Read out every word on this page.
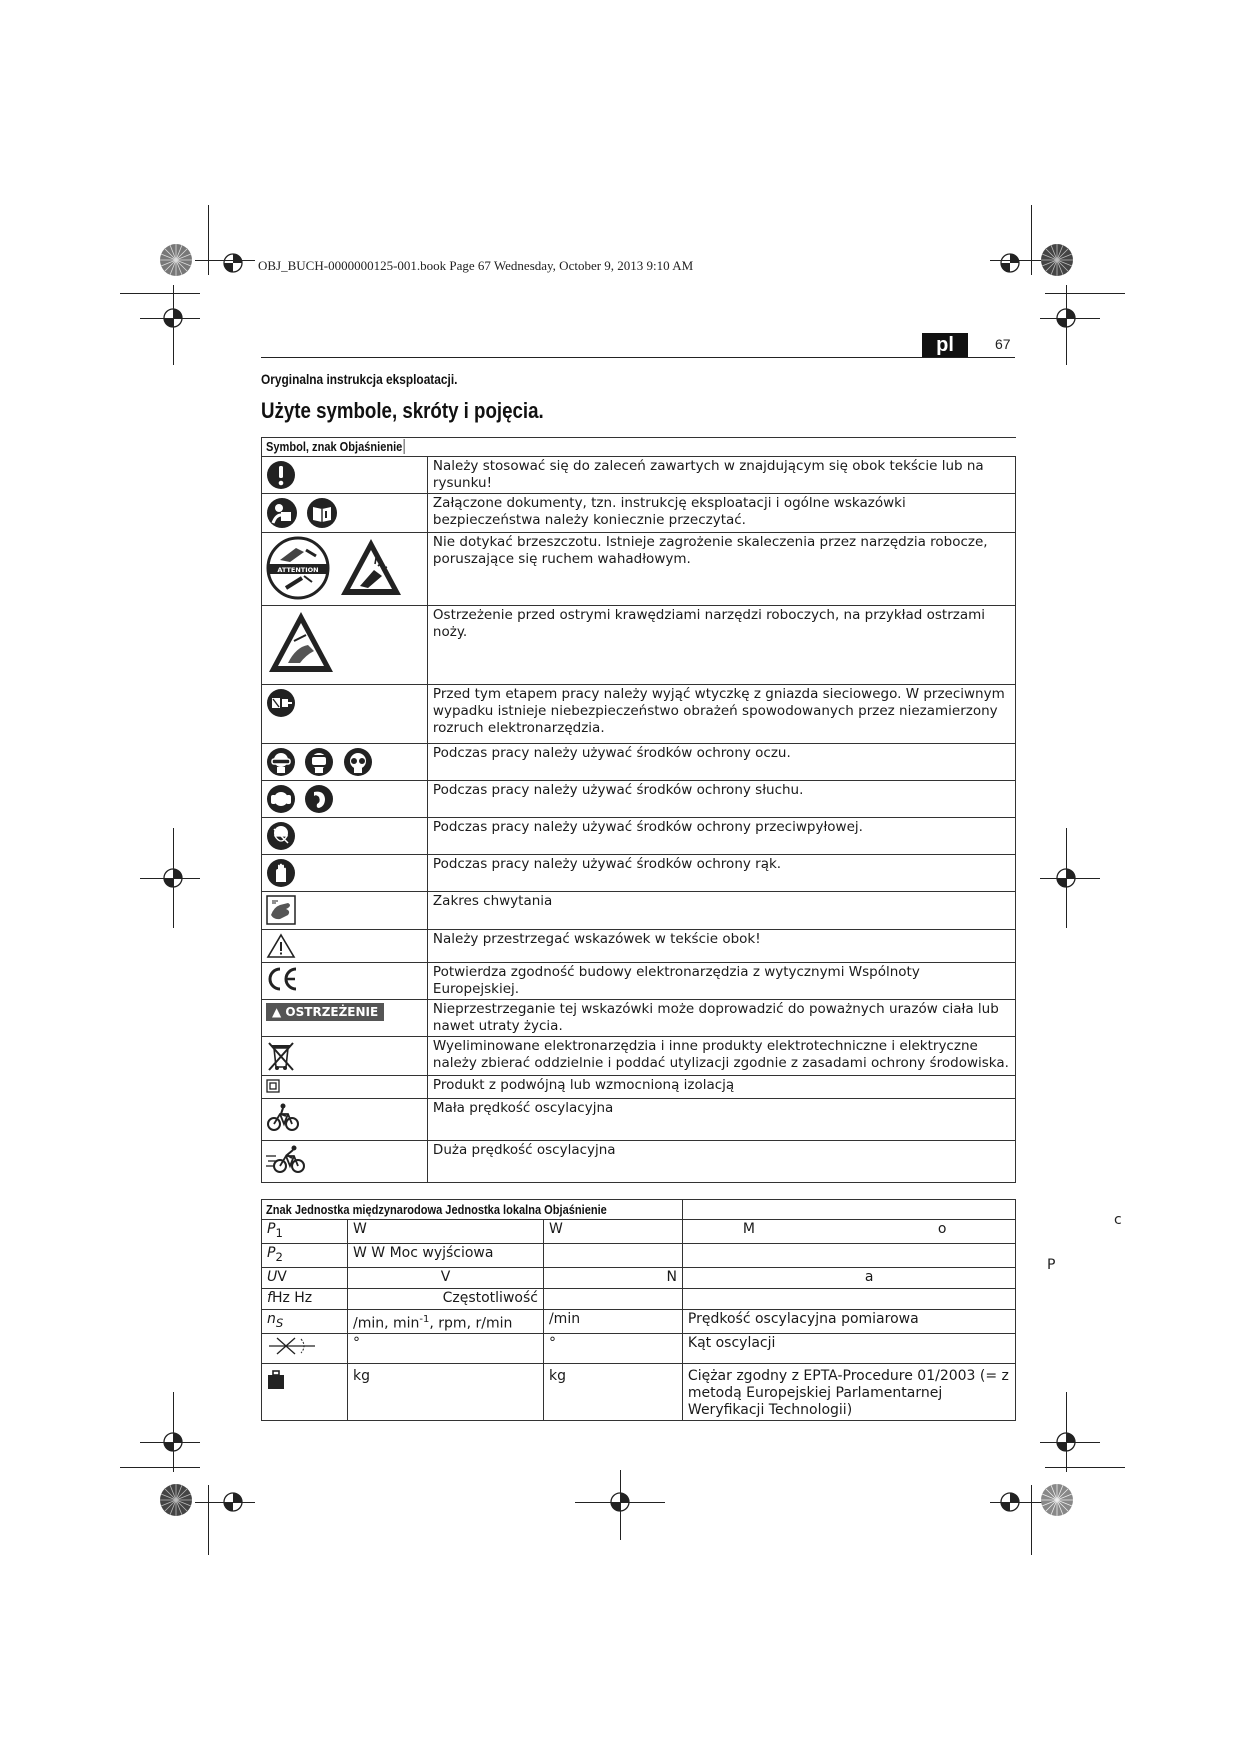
OBJ_BUCH-0000000125-001.book Page 67 Wednesday, October 9, 2013 9:10 AM
pl	67
Oryginalna instrukcja eksploatacji.
Użyte symbole, skróty i pojęcia.
Symbol, znak Objaśnienie	
	Należy stosować się do zaleceń zawartych w znajdującym się obok tekście lub na rysunku!
	Załączone dokumenty, tzn. instrukcję eksploatacji i ogólne wskazówki bezpieczeństwa należy koniecznie przeczytać.

ATTENTION	Nie dotykać brzeszczotu. Istnieje zagrożenie skaleczenia przez narzędzia robocze, poruszające się ruchem wahadłowym.
	Ostrzeżenie przed ostrymi krawędziami narzędzi roboczych, na przykład ostrzami noży.
	Przed tym etapem pracy należy wyjąć wtyczkę z gniazda sieciowego. W przeciwnym wypadku istnieje niebezpieczeństwo obrażeń spowodowanych przez niezamierzony rozruch elektronarzędzia.
	Podczas pracy należy używać środków ochrony oczu.
	Podczas pracy należy używać środków ochrony słuchu.
	Podczas pracy należy używać środków ochrony przeciwpyłowej.
	Podczas pracy należy używać środków ochrony rąk.
	Zakres chwytania
	Należy przestrzegać wskazówek w tekście obok!
	Potwierdza zgodność budowy elektronarzędzia z wytycznymi Wspólnoty Europejskiej.
▲ OSTRZEŻENIE	Nieprzestrzeganie tej wskazówki może doprowadzić do poważnych urazów ciała lub nawet utraty życia.
	Wyeliminowane elektronarzędzia i inne produkty elektrotechniczne i elektryczne należy zbierać oddzielnie i poddać utylizacji zgodnie z zasadami ochrony środowiska.
	Produkt z podwójną lub wzmocnioną izolacją
	Mała prędkość oscylacyjna
	Duża prędkość oscylacyjna
Znak Jednostka międzynarodowa Jednostka lokalna Objaśnienie			
$P_1$	W	W	M o

$P_2$	W W Moc wyjściowa		
UV	V	N	a

fHz Hz	Częstotliwość		
$n_S$	/min, $\min^{-1}$, rpm, r/min	/min	Prędkość oscylacyjna pomiarowa
	°	°	Kąt oscylacji
	kg	kg	Ciężar zgodny z EPTA-Procedure 01/2003 (= z metodą Europejskiej Parlamentarnej Weryfikacji Technologii)
c
P
